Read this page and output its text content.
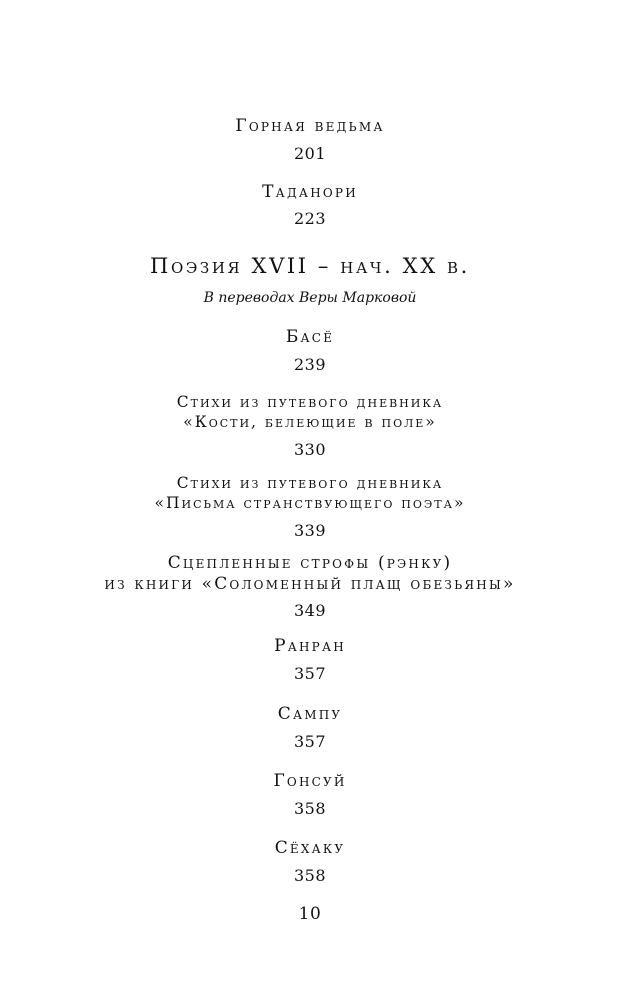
Горная ведьма
201
Таданори
223
Поэзия XVII – нач. XX в.
В переводах Веры Марковой
Басё
239
Стихи из путевого дневника
«Кости, белеющие в поле»
330
Стихи из путевого дневника
«Письма странствующего поэта»
339
Сцепленные строфы (рэнку)
из книги «Соломенный плащ обезьяны»
349
Ранран
357
Сампу
357
Гонсуй
358
Сёхаку
358
10
